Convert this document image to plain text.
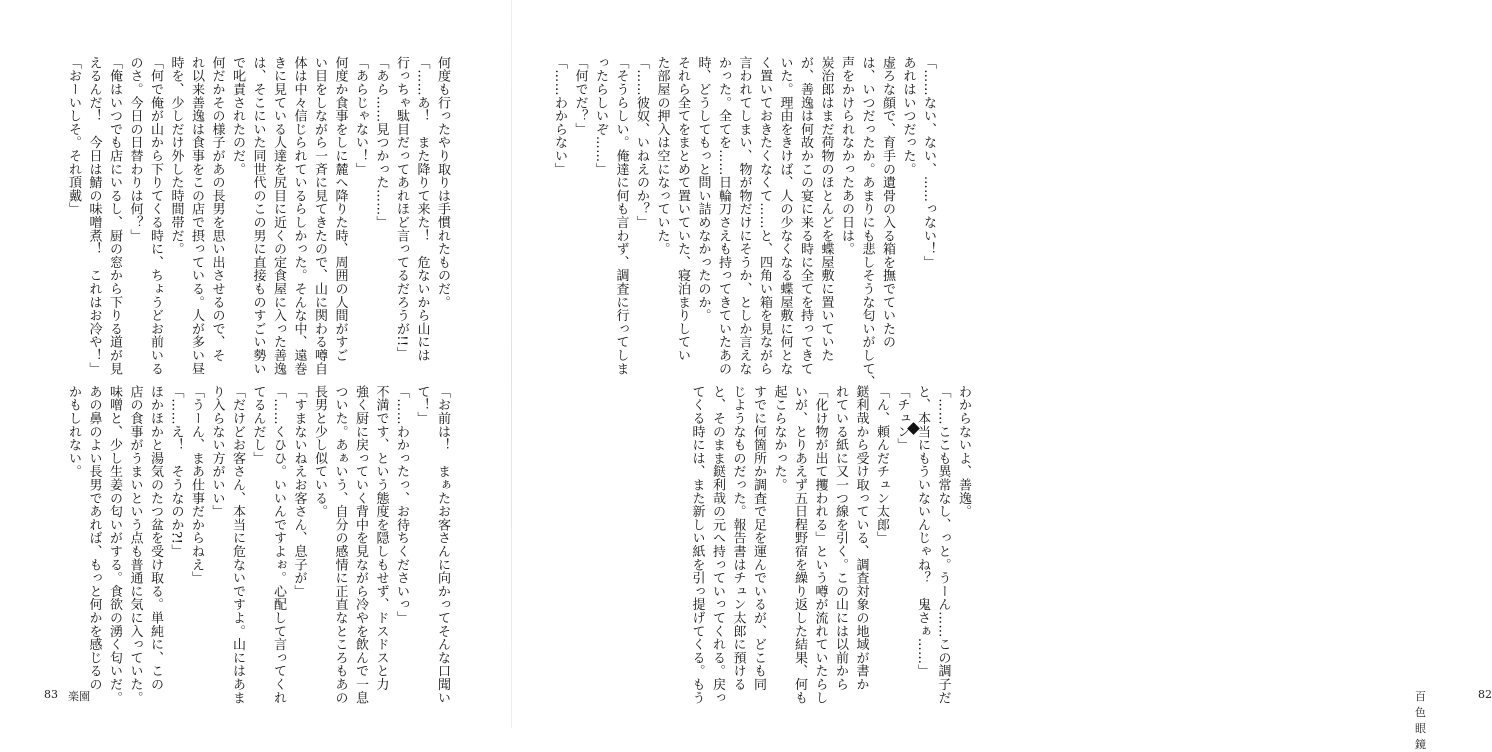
何度も行ったやり取りは手慣れたものだ。
「……あ！　また降りて来た！　危ないから山には
行っちゃ駄目だってあれほど言ってるだろうが!!」
「あら……見つかった……」
「あらじゃない！」
何度か食事をしに麓へ降りた時、周囲の人間がすご
い目をしながら一斉に見てきたので、山に関わる噂自
体は中々信じられているらしかった。そんな中、遠巻
きに見ている人達を尻目に近くの定食屋に入った善逸
は、そこにいた同世代のこの男に直接ものすごい勢い
で叱責されたのだ。
何だかその様子があの長男を思い出させるので、そ
れ以来善逸は食事をこの店で摂っている。人が多い昼
時を、少しだけ外した時間帯だ。
「何で俺が山から下りてくる時に、ちょうどお前いる
のさ。今日の日替わりは何？」
「俺はいつでも店にいるし、厨の窓から下りる道が見
えるんだ！　今日は鯖の味噌煮！　これはお冷や！」
「おーいしそ。それ頂戴」
「お前は！　まぁたお客さんに向かってそんな口聞い
て！」
「……わかったっ、お待ちくださいっ」
不満です、という態度を隠しもせず、ドスドスと力
強く厨に戻っていく背中を見ながら冷やを飲んで一息
ついた。あぁいう、自分の感情に正直なところもあの
長男と少し似ている。
「すまないねえお客さん、息子が」
「……くひひ。いいんですよぉ。心配して言ってくれ
てるんだし」
「だけどお客さん、本当に危ないですよ。山にはあま
り入らない方がいい」
「うーん、まあ仕事だからねえ」
「……え！　そうなのか?!」
ほかほかと湯気のたつ盆を受け取る。単純に、この
店の食事がうまいという点も普通に気に入っていた。
味噌と、少し生姜の匂いがする。食欲の湧く匂いだ。
あの鼻のよい長男であれば、もっと何かを感じるの
かもしれない。
83 楽園	百色眼鏡
82
「……ない、ない、……っない！」
あれはいつだった。
虚ろな顔で、育手の遺骨の入る箱を撫でていたの
は、いつだったか。あまりにも悲しそうな匂いがして、
声をかけられなかったあの日は。
炭治郎はまだ荷物のほとんどを蝶屋敷に置いていた
が、善逸は何故かこの宴に来る時に全てを持ってきて
いた。理由をきけば、人の少なくなる蝶屋敷に何とな
く置いておきたくなくて……と、四角い箱を見ながら
言われてしまい、物が物だけにそうか、としか言えな
かった。全てを……日輪刀さえも持ってきていたあの
時、どうしてもっと問い詰めなかったのか。
それら全てをまとめて置いていた、寝泊まりしてい
た部屋の押入は空になっていた。
「……彼奴、いねえのか？」
「そうらしい。俺達に何も言わず、調査に行ってしま
ったらしいぞ……」
「何でだ？」
「……わからない」
わからないよ、善逸。
「……ここも異常なし、っと。うーん……この調子だ
と、本当にもういないんじゃね？　鬼さぁ……」
「チュン」
「ん、頼んだチュン太郎」
鎹利哉から受け取っている、調査対象の地域が書か
れている紙に又一つ線を引く。この山には以前から
「化け物が出て攫われる」という噂が流れていたらし
いが、とりあえず五日程野宿を繰り返した結果、何も
起こらなかった。
すでに何箇所か調査で足を運んでいるが、どこも同
じようなものだった。報告書はチュン太郎に預ける
と、そのまま鎹利哉の元へ持っていってくれる。戻っ
てくる時には、また新しい紙を引っ提げてくる。もう
